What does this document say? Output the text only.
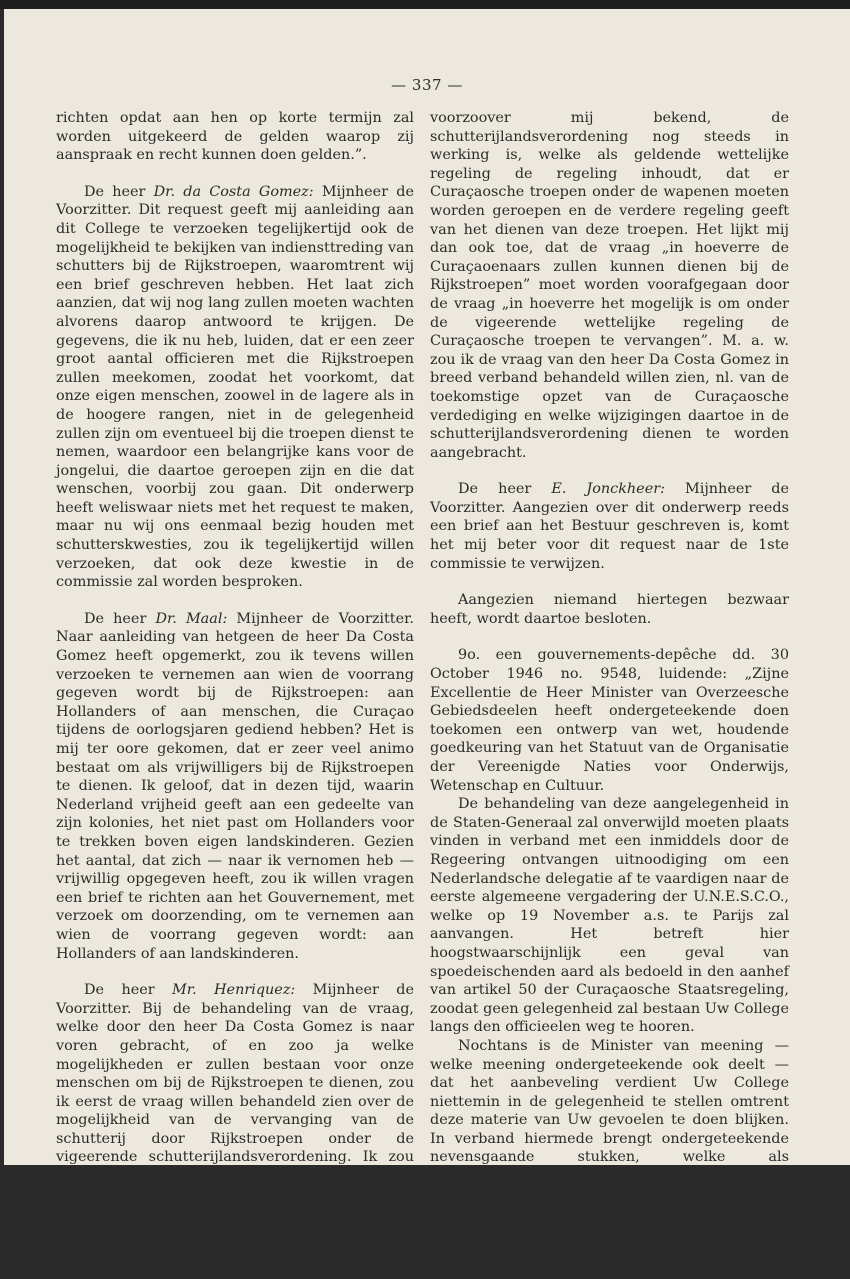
— 337 —

richten opdat aan hen op korte termijn zal worden uitgekeerd de gelden waarop zij aanspraak en recht kunnen doen gelden.”.

De heer Dr. da Costa Gomez: Mijnheer de Voorzitter. Dit request geeft mij aanleiding aan dit College te verzoeken tegelijkertijd ook de mogelijkheid te bekijken van indiensttreding van schutters bij de Rijkstroepen, waaromtrent wij een brief geschreven hebben. Het laat zich aanzien, dat wij nog lang zullen moeten wachten alvorens daarop antwoord te krijgen. De gegevens, die ik nu heb, luiden, dat er een zeer groot aantal officieren met die Rijkstroepen zullen meekomen, zoodat het voorkomt, dat onze eigen menschen, zoowel in de lagere als in de hoogere rangen, niet in de gelegenheid zullen zijn om eventueel bij die troepen dienst te nemen, waardoor een belangrijke kans voor de jongelui, die daartoe geroepen zijn en die dat wenschen, voorbij zou gaan. Dit onderwerp heeft weliswaar niets met het request te maken, maar nu wij ons eenmaal bezig houden met schutterskwesties, zou ik tegelijkertijd willen verzoeken, dat ook deze kwestie in de commissie zal worden besproken.

De heer Dr. Maal: Mijnheer de Voorzitter. Naar aanleiding van hetgeen de heer Da Costa Gomez heeft opgemerkt, zou ik tevens willen verzoeken te vernemen aan wien de voorrang gegeven wordt bij de Rijkstroepen: aan Hollanders of aan menschen, die Curaçao tijdens de oorlogsjaren gediend hebben? Het is mij ter oore gekomen, dat er zeer veel animo bestaat om als vrijwilligers bij de Rijkstroepen te dienen. Ik geloof, dat in dezen tijd, waarin Nederland vrijheid geeft aan een gedeelte van zijn kolonies, het niet past om Hollanders voor te trekken boven eigen landskinderen. Gezien het aantal, dat zich — naar ik vernomen heb — vrijwillig opgegeven heeft, zou ik willen vragen een brief te richten aan het Gouvernement, met verzoek om doorzending, om te vernemen aan wien de voorrang gegeven wordt: aan Hollanders of aan landskinderen.

De heer Mr. Henriquez: Mijnheer de Voorzitter. Bij de behandeling van de vraag, welke door den heer Da Costa Gomez is naar voren gebracht, of en zoo ja welke mogelijkheden er zullen bestaan voor onze menschen om bij de Rijkstroepen te dienen, zou ik eerst de vraag willen behandeld zien over de mogelijkheid van de vervanging van de schutterij door Rijkstroepen onder de vigeerende schutterijlandsverordening. Ik zou dus niet als vanzelfsprekend willen aannemen, dat wij hier, zonder dat deze Staten erin gekend zijn, Rijkstroepen moeten krijgen, omdat,

voorzoover mij bekend, de schutterijlandsverordening nog steeds in werking is, welke als geldende wettelijke regeling de regeling inhoudt, dat er Curaçaosche troepen onder de wapenen moeten worden geroepen en de verdere regeling geeft van het dienen van deze troepen. Het lijkt mij dan ook toe, dat de vraag „in hoeverre de Curaçaoenaars zullen kunnen dienen bij de Rijkstroepen” moet worden voorafgegaan door de vraag „in hoeverre het mogelijk is om onder de vigeerende wettelijke regeling de Curaçaosche troepen te vervangen”. M. a. w. zou ik de vraag van den heer Da Costa Gomez in breed verband behandeld willen zien, nl. van de toekomstige opzet van de Curaçaosche verdediging en welke wijzigingen daartoe in de schutterijlandsverordening dienen te worden aangebracht.

De heer E. Jonckheer: Mijnheer de Voorzitter. Aangezien over dit onderwerp reeds een brief aan het Bestuur geschreven is, komt het mij beter voor dit request naar de 1ste commissie te verwijzen.

Aangezien niemand hiertegen bezwaar heeft, wordt daartoe besloten.

9o. een gouvernements-depêche dd. 30 October 1946 no. 9548, luidende: „Zijne Excellentie de Heer Minister van Overzeesche Gebiedsdeelen heeft ondergeteekende doen toekomen een ontwerp van wet, houdende goedkeuring van het Statuut van de Organisatie der Vereenigde Naties voor Onderwijs, Wetenschap en Cultuur.

De behandeling van deze aangelegenheid in de Staten-Generaal zal onverwijld moeten plaats vinden in verband met een inmiddels door de Regeering ontvangen uitnoodiging om een Nederlandsche delegatie af te vaardigen naar de eerste algemeene vergadering der U.N.E.S.C.O., welke op 19 November a.s. te Parijs zal aanvangen. Het betreft hier hoogstwaarschijnlijk een geval van spoedeischenden aard als bedoeld in den aanhef van artikel 50 der Curaçaosche Staatsregeling, zoodat geen gelegenheid zal bestaan Uw College langs den officieelen weg te hooren.

Nochtans is de Minister van meening — welke meening ondergeteekende ook deelt — dat het aanbeveling verdient Uw College niettemin in de gelegenheid te stellen omtrent deze materie van Uw gevoelen te doen blijken. In verband hiermede brengt ondergeteekende nevensgaande stukken, welke als departementale voor-ontwerpen zijn te beschouwen, vertrouwelijk te Uwer kennis met verzoek hem Uw gevoelen ter zake wel spoedig te doen toekomen. Met Uw eventueele opmerkingen en/of aanbevelingen zal zoo mogelijk rekening worden gehouden bij de
